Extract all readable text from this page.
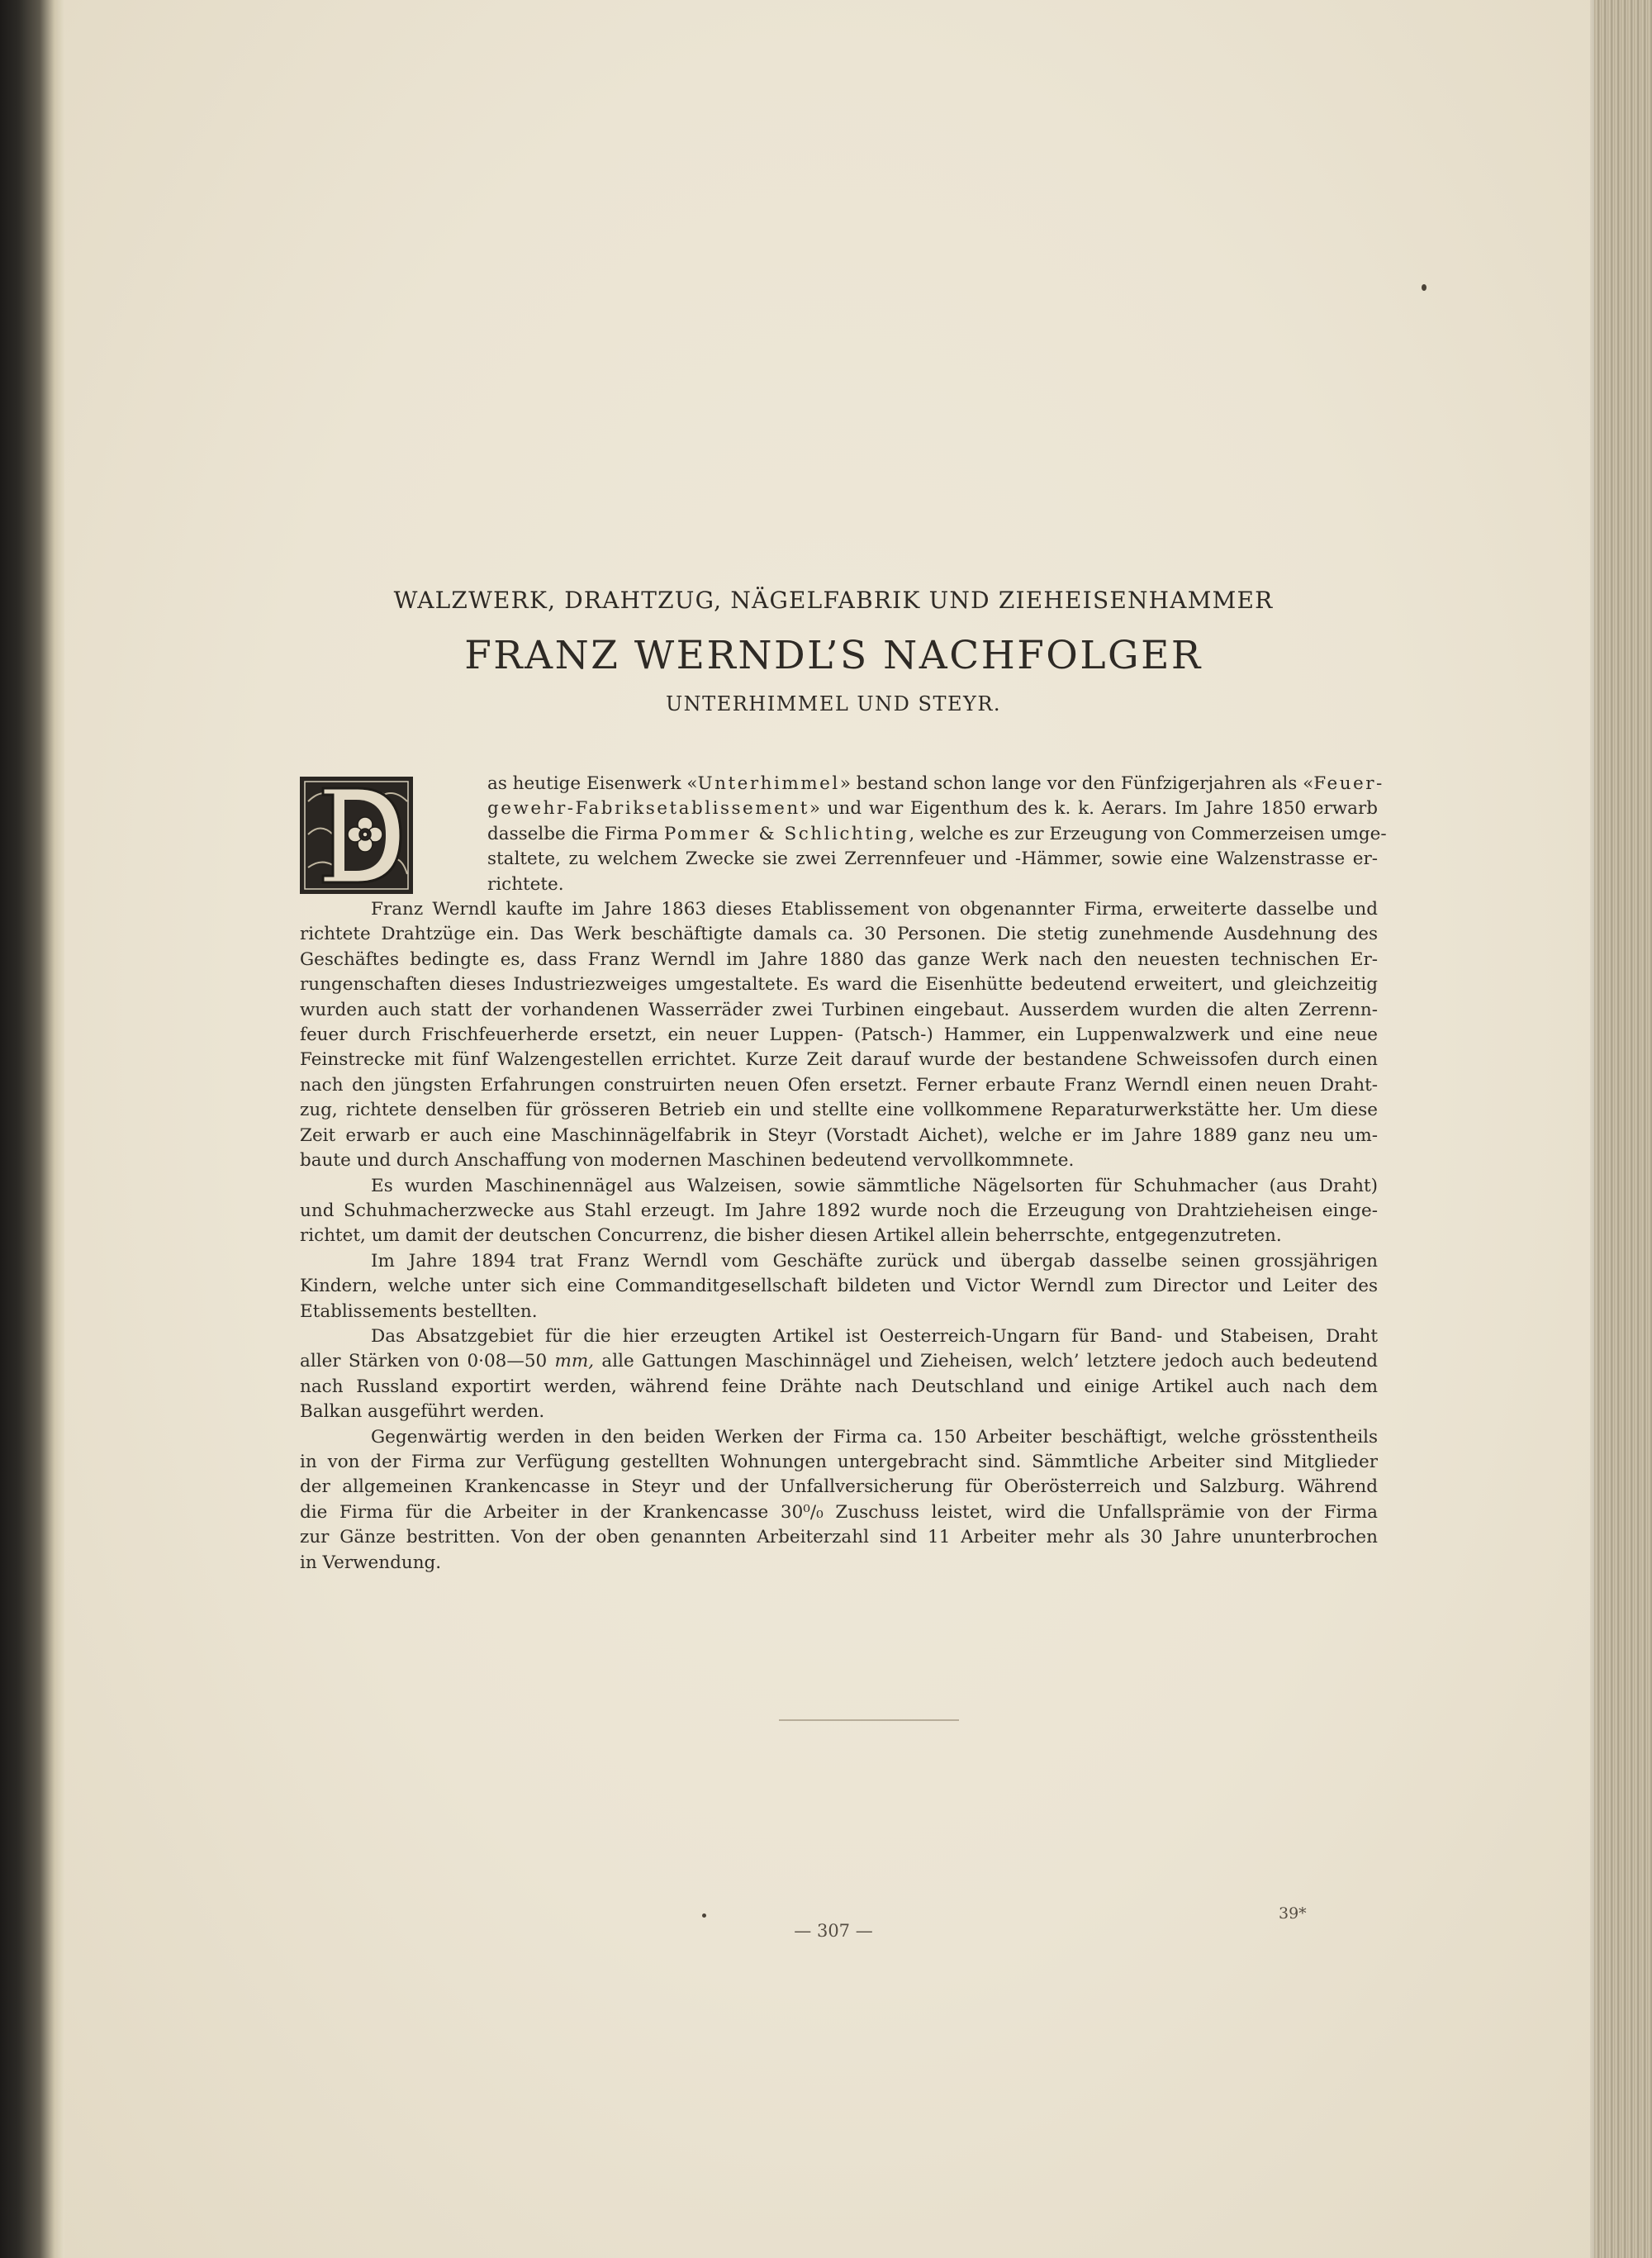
WALZWERK, DRAHTZUG, NÄGELFABRIK UND ZIEHEISENHAMMER
FRANZ WERNDL’S NACHFOLGER
UNTERHIMMEL UND STEYR.
as heutige Eisenwerk «Unterhimmel» bestand schon lange vor den Fünfzigerjahren als «Feuer-
gewehr-Fabriksetablissement» und war Eigenthum des k. k. Aerars. Im Jahre 1850 erwarb
dasselbe die Firma Pommer & Schlichting, welche es zur Erzeugung von Commerzeisen umge-
staltete, zu welchem Zwecke sie zwei Zerrennfeuer und -Hämmer, sowie eine Walzenstrasse er-
richtete.
Franz Werndl kaufte im Jahre 1863 dieses Etablissement von obgenannter Firma, erweiterte dasselbe und
richtete Drahtzüge ein. Das Werk beschäftigte damals ca. 30 Personen. Die stetig zunehmende Ausdehnung des
Geschäftes bedingte es, dass Franz Werndl im Jahre 1880 das ganze Werk nach den neuesten technischen Er-
rungenschaften dieses Industriezweiges umgestaltete. Es ward die Eisenhütte bedeutend erweitert, und gleichzeitig
wurden auch statt der vorhandenen Wasserräder zwei Turbinen eingebaut. Ausserdem wurden die alten Zerrenn-
feuer durch Frischfeuerherde ersetzt, ein neuer Luppen- (Patsch-) Hammer, ein Luppenwalzwerk und eine neue
Feinstrecke mit fünf Walzengestellen errichtet. Kurze Zeit darauf wurde der bestandene Schweissofen durch einen
nach den jüngsten Erfahrungen construirten neuen Ofen ersetzt. Ferner erbaute Franz Werndl einen neuen Draht-
zug, richtete denselben für grösseren Betrieb ein und stellte eine vollkommene Reparaturwerkstätte her. Um diese
Zeit erwarb er auch eine Maschinnägelfabrik in Steyr (Vorstadt Aichet), welche er im Jahre 1889 ganz neu um-
baute und durch Anschaffung von modernen Maschinen bedeutend vervollkommnete.
Es wurden Maschinennägel aus Walzeisen, sowie sämmtliche Nägelsorten für Schuhmacher (aus Draht)
und Schuhmacherzwecke aus Stahl erzeugt. Im Jahre 1892 wurde noch die Erzeugung von Drahtzieheisen einge-
richtet, um damit der deutschen Concurrenz, die bisher diesen Artikel allein beherrschte, entgegenzutreten.
Im Jahre 1894 trat Franz Werndl vom Geschäfte zurück und übergab dasselbe seinen grossjährigen
Kindern, welche unter sich eine Commanditgesellschaft bildeten und Victor Werndl zum Director und Leiter des
Etablissements bestellten.
Das Absatzgebiet für die hier erzeugten Artikel ist Oesterreich-Ungarn für Band- und Stabeisen, Draht
aller Stärken von 0·08—50 mm, alle Gattungen Maschinnägel und Zieheisen, welch’ letztere jedoch auch bedeutend
nach Russland exportirt werden, während feine Drähte nach Deutschland und einige Artikel auch nach dem
Balkan ausgeführt werden.
Gegenwärtig werden in den beiden Werken der Firma ca. 150 Arbeiter beschäftigt, welche grösstentheils
in von der Firma zur Verfügung gestellten Wohnungen untergebracht sind. Sämmtliche Arbeiter sind Mitglieder
der allgemeinen Krankencasse in Steyr und der Unfallversicherung für Oberösterreich und Salzburg. Während
die Firma für die Arbeiter in der Krankencasse 30⁰/₀ Zuschuss leistet, wird die Unfallsprämie von der Firma
zur Gänze bestritten. Von der oben genannten Arbeiterzahl sind 11 Arbeiter mehr als 30 Jahre ununterbrochen
in Verwendung.
— 307 —
39*
